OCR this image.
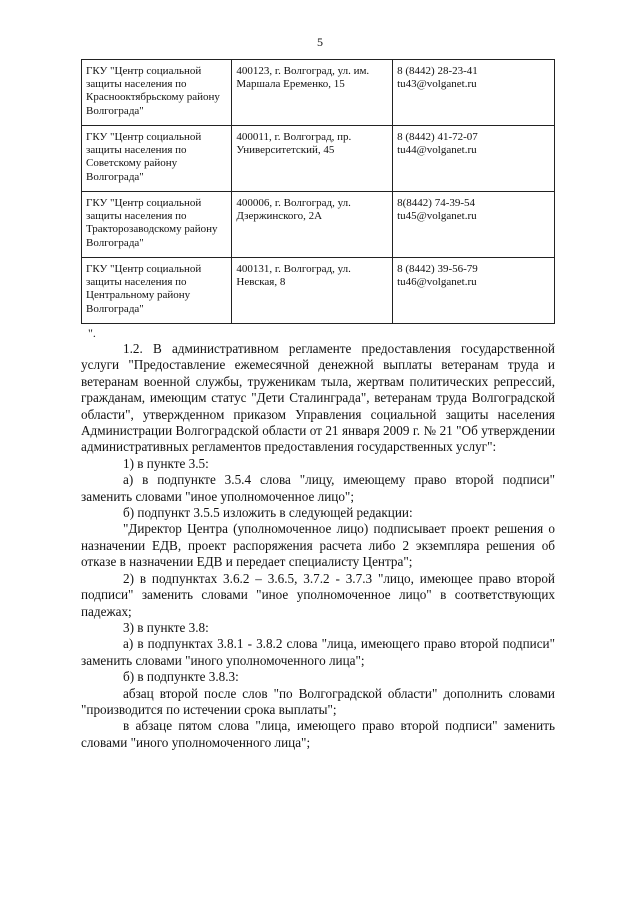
5
ГКУ "Центр социальной защиты населения по Краснооктябрьскому району Волгограда"	400123, г. Волгоград, ул. им. Маршала Еременко, 15	8 (8442) 28-23-41
tu43@volganet.ru

ГКУ "Центр социальной защиты населения по Советскому району Волгограда"	400011, г. Волгоград, пр. Университетский, 45	8 (8442) 41-72-07
tu44@volganet.ru

ГКУ "Центр социальной защиты населения по Тракторозаводскому району Волгограда"	400006, г. Волгоград, ул. Дзержинского, 2А	8(8442) 74-39-54
tu45@volganet.ru

ГКУ "Центр социальной защиты населения по Центральному району Волгограда"	400131, г. Волгоград, ул. Невская, 8	8 (8442) 39-56-79
tu46@volganet.ru
".

1.2. В административном регламенте предоставления государственной услуги "Предоставление ежемесячной денежной выплаты ветеранам труда и ветеранам военной службы, труженикам тыла, жертвам политических репрессий, гражданам, имеющим статус "Дети Сталинграда", ветеранам труда Волгоградской области", утвержденном приказом Управления социальной защиты населения Администрации Волгоградской области от 21 января 2009 г. № 21 "Об утверждении административных регламентов предоставления государственных услуг":

1) в пункте 3.5:

а) в подпункте 3.5.4 слова "лицу, имеющему право второй подписи" заменить словами "иное уполномоченное лицо";

б) подпункт 3.5.5 изложить в следующей редакции:

"Директор Центра (уполномоченное лицо) подписывает проект решения о назначении ЕДВ, проект распоряжения расчета либо 2 экземпляра решения об отказе в назначении ЕДВ и передает специалисту Центра";

2) в подпунктах 3.6.2 – 3.6.5, 3.7.2 - 3.7.3 "лицо, имеющее право второй подписи" заменить словами "иное уполномоченное лицо" в соответствующих падежах;

3) в пункте 3.8:

а) в подпунктах 3.8.1 - 3.8.2 слова "лица, имеющего право второй подписи" заменить словами "иного уполномоченного лица";

б) в подпункте 3.8.3:

абзац второй после слов "по Волгоградской области" дополнить словами "производится по истечении срока выплаты";

в абзаце пятом слова "лица, имеющего право второй подписи" заменить словами "иного уполномоченного лица";
